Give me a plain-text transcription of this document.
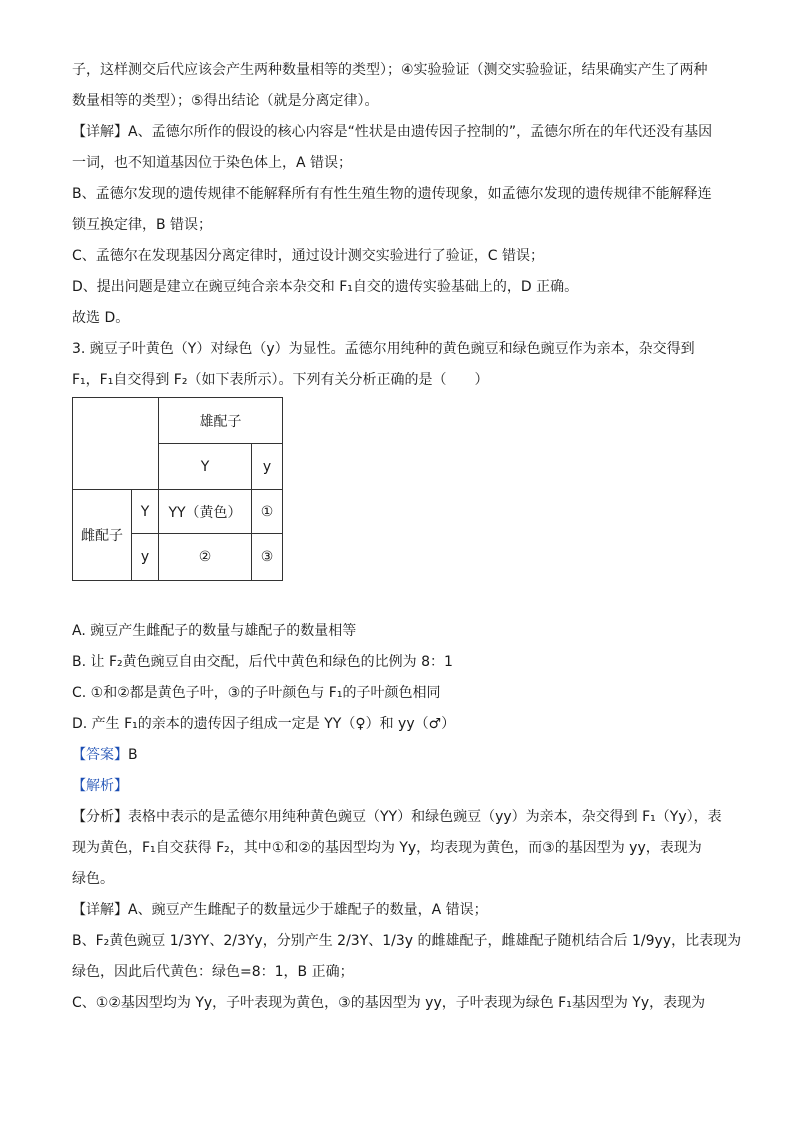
子，这样测交后代应该会产生两种数量相等的类型）；④实验验证（测交实验验证，结果确实产生了两种

数量相等的类型）；⑤得出结论（就是分离定律）。

【详解】A、孟德尔所作的假设的核心内容是“性状是由遗传因子控制的”，孟德尔所在的年代还没有基因

一词，也不知道基因位于染色体上，A 错误；

B、孟德尔发现的遗传规律不能解释所有有性生殖生物的遗传现象，如孟德尔发现的遗传规律不能解释连

锁互换定律，B 错误；

C、孟德尔在发现基因分离定律时，通过设计测交实验进行了验证，C 错误；

D、提出问题是建立在豌豆纯合亲本杂交和 F₁自交的遗传实验基础上的，D 正确。

故选 D。

3. 豌豆子叶黄色（Y）对绿色（y）为显性。孟德尔用纯种的黄色豌豆和绿色豌豆作为亲本，杂交得到

F₁，F₁自交得到 F₂（如下表所示）。下列有关分析正确的是（　　）

		雄配子	
		Y	y
雌配子	Y	YY（黄色）	①
	y	②	③

A. 豌豆产生雌配子的数量与雄配子的数量相等

B. 让 F₂黄色豌豆自由交配，后代中黄色和绿色的比例为 8：1

C. ①和②都是黄色子叶，③的子叶颜色与 F₁的子叶颜色相同

D. 产生 F₁的亲本的遗传因子组成一定是 YY（♀）和 yy（♂）

【答案】B

【解析】

【分析】表格中表示的是孟德尔用纯种黄色豌豆（YY）和绿色豌豆（yy）为亲本，杂交得到 F₁（Yy），表

现为黄色，F₁自交获得 F₂，其中①和②的基因型均为 Yy，均表现为黄色，而③的基因型为 yy，表现为

绿色。

【详解】A、豌豆产生雌配子的数量远少于雄配子的数量，A 错误；

B、F₂黄色豌豆 1/3YY、2/3Yy，分别产生 2/3Y、1/3y 的雌雄配子，雌雄配子随机结合后 1/9yy，比表现为

绿色，因此后代黄色：绿色=8：1，B 正确；

C、①②基因型均为 Yy，子叶表现为黄色，③的基因型为 yy，子叶表现为绿色 F₁基因型为 Yy，表现为
